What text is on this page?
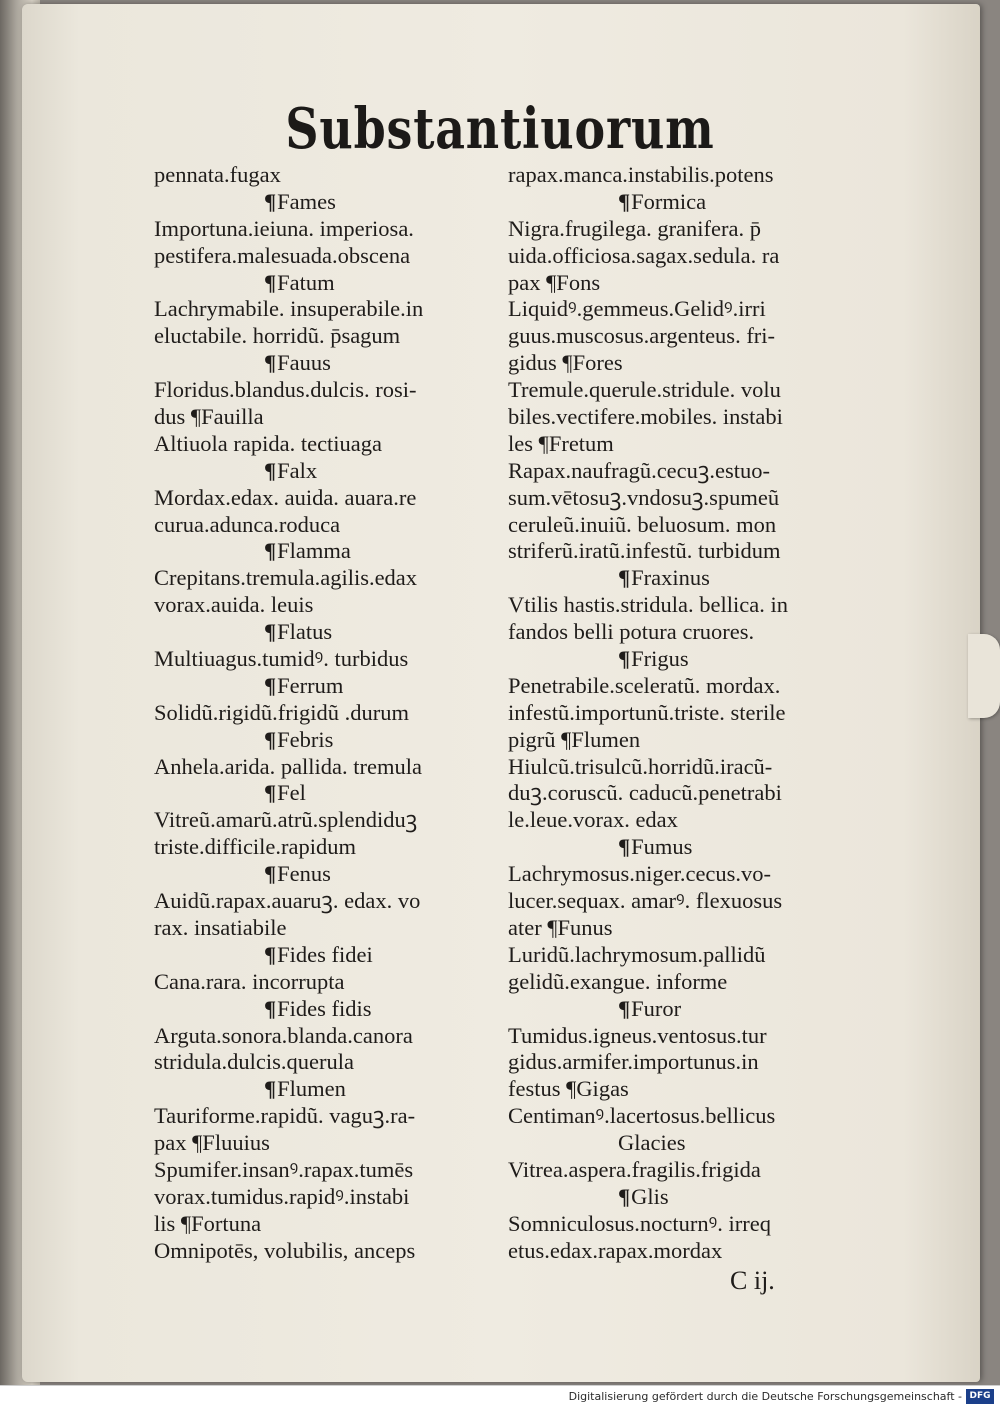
Substantiuorum
pennata.fugax
¶Fames
Importuna.ieiuna. imperiosa.
pestifera.malesuada.obscena
¶Fatum
Lachrymabile. insuperabile.in
eluctabile. horridũ. p̄sagum
¶Fauus
Floridus.blandus.dulcis. rosi-
dus ¶Fauilla
Altiuola rapida. tectiuaga
¶Falx
Mordax.edax. auida. auara.re
curua.adunca.roduca
¶Flamma
Crepitans.tremula.agilis.edax
vorax.auida. leuis
¶Flatus
Multiuagus.tumidꝰ. turbidus
¶Ferrum
Solidũ.rigidũ.frigidũ .durum
¶Febris
Anhela.arida. pallida. tremula
¶Fel
Vitreũ.amarũ.atrũ.splendiduꝫ
triste.difficile.rapidum
¶Fenus
Auidũ.rapax.auaruꝫ. edax. vo
rax. insatiabile
¶Fides fidei
Cana.rara. incorrupta
¶Fides fidis
Arguta.sonora.blanda.canora
stridula.dulcis.querula
¶Flumen
Tauriforme.rapidũ. vaguꝫ.ra-
pax ¶Fluuius
Spumifer.insanꝰ.rapax.tumēs
vorax.tumidus.rapidꝰ.instabi
lis ¶Fortuna
Omnipotēs, volubilis, anceps
rapax.manca.instabilis.potens
¶Formica
Nigra.frugilega. granifera. p̄
uida.officiosa.sagax.sedula. ra
pax ¶Fons
Liquidꝰ.gemmeus.Gelidꝰ.irri
guus.muscosus.argenteus. fri-
gidus ¶Fores
Tremule.querule.stridule. volu
biles.vectifere.mobiles. instabi
les ¶Fretum
Rapax.naufragũ.cecuꝫ.estuo-
sum.vētosuꝫ.vndosuꝫ.spumeũ
ceruleũ.inuiũ. beluosum. mon
striferũ.iratũ.infestũ. turbidum
¶Fraxinus
Vtilis hastis.stridula. bellica. in
fandos belli potura cruores.
¶Frigus
Penetrabile.sceleratũ. mordax.
infestũ.importunũ.triste. sterile
pigrũ ¶Flumen
Hiulcũ.trisulcũ.horridũ.iracũ-
duꝫ.coruscũ. caducũ.penetrabi
le.leue.vorax. edax
¶Fumus
Lachrymosus.niger.cecus.vo-
lucer.sequax. amarꝰ. flexuosus
ater ¶Funus
Luridũ.lachrymosum.pallidũ
gelidũ.exangue. informe
¶Furor
Tumidus.igneus.ventosus.tur
gidus.armifer.importunus.in
festus ¶Gigas
Centimanꝰ.lacertosus.bellicus
Glacies
Vitrea.aspera.fragilis.frigida
¶Glis
Somniculosus.nocturnꝰ. irreq
etus.edax.rapax.mordax
C ij.
Digitalisierung gefördert durch die Deutsche Forschungsgemeinschaft - DFG
